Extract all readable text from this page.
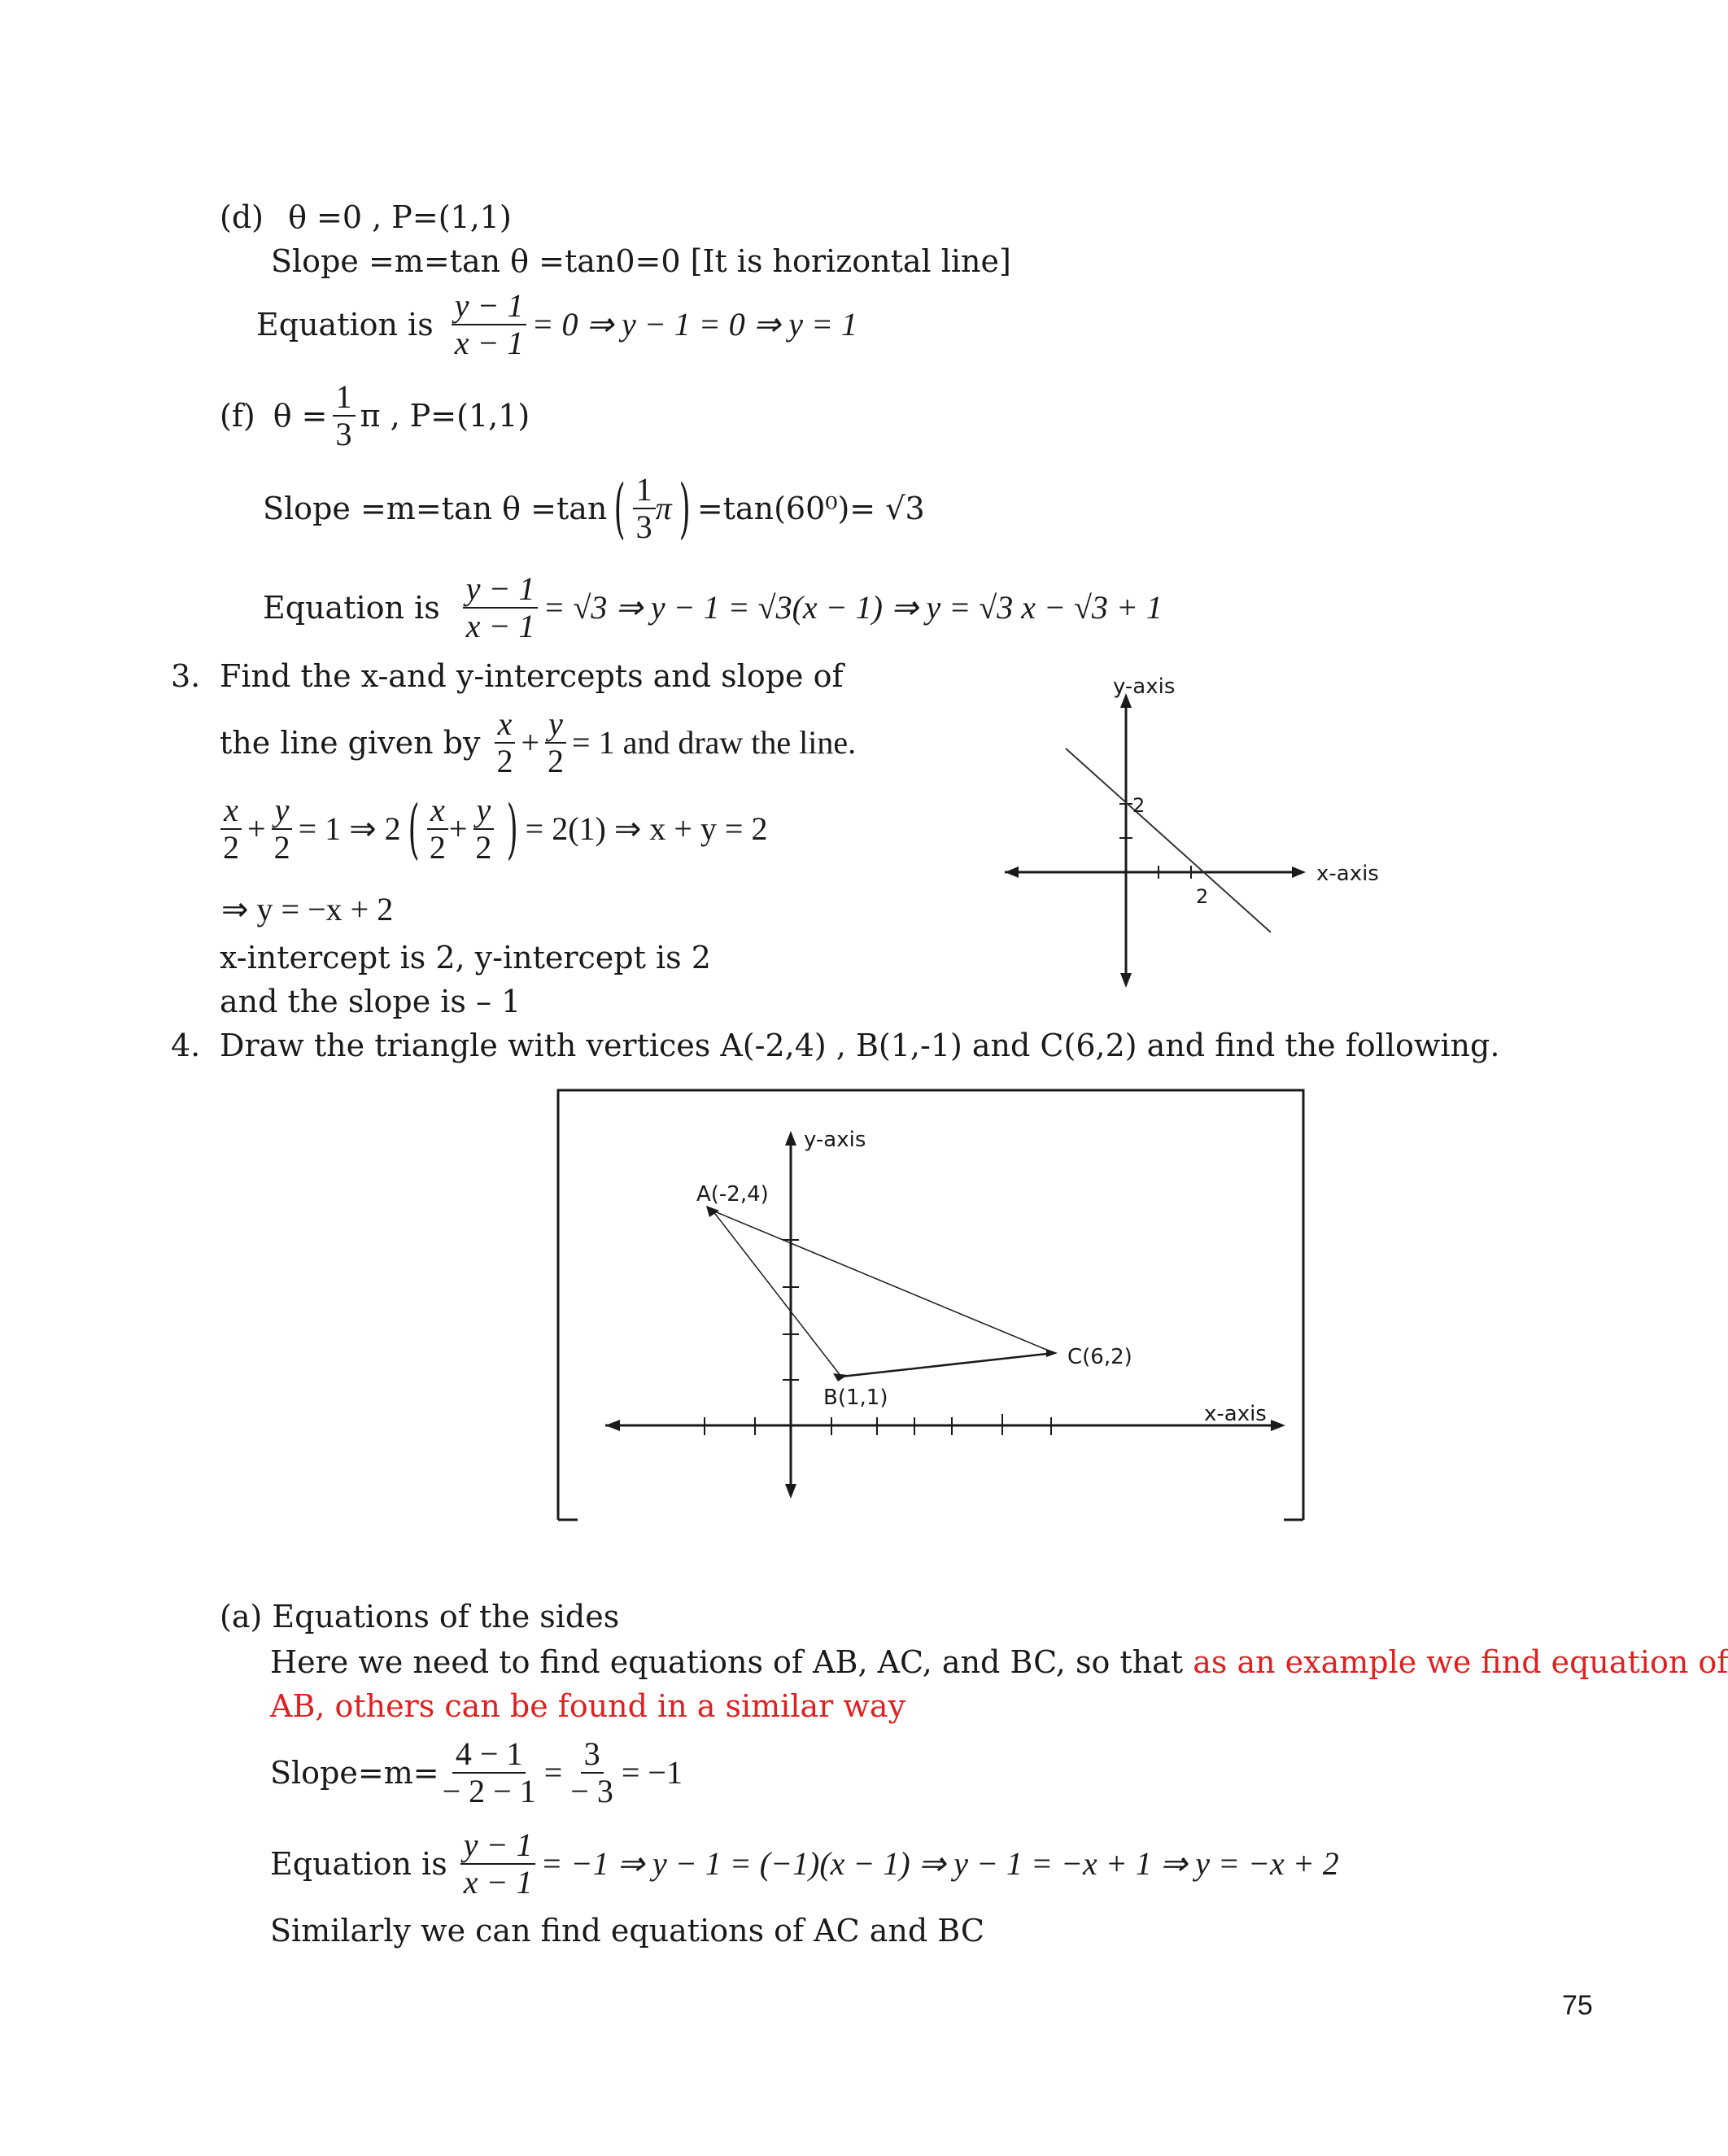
(d) θ =0 , P=(1,1)
Slope =m=tan θ =tan0=0 [It is horizontal line]
Equation is $\frac{y - 1}{x - 1} = 0$ ⇒ y − 1 = 0 ⇒ y = 1
(f) $\theta = \frac{1}{3}$ π , P=(1,1)
Slope =m=tan θ =tan ( $\frac{1}{3}$ π ) =tan(60⁰)= √3
Equation is $\frac{y - 1}{x - 1} = √3$ ⇒ y − 1 = √3(x − 1) ⇒ y = √3 x − √3 + 1
3. Find the x-and y-intercepts and slope of
the line given by $\frac{x}{2} + \frac{y}{2} = 1$ and draw the line.
$\frac{x}{2} + \frac{y}{2} = 1$ ⇒ 2 ( $\frac{x}{2} + \frac{y}{2}$ ) = 2(1) ⇒ x + y = 2
⇒ y = −x + 2
x-intercept is 2, y-intercept is 2
and the slope is – 1
y-axis
x-axis
2
2
4. Draw the triangle with vertices A(-2,4) , B(1,-1) and C(6,2) and find the following.
y-axis
x-axis
A(-2,4)
B(1,1)
C(6,2)
(a) Equations of the sides
Here we need to find equations of AB, AC, and BC, so that as an example we find equation of
AB, others can be found in a similar way
Slope=m= $\frac{4 - 1}{- 2 - 1} = \frac{3}{- 3} = -1$
Equation is $\frac{y - 1}{x - 1} = -1$ ⇒ y − 1 = (−1)(x − 1) ⇒ y − 1 = −x + 1 ⇒ y = −x + 2
Similarly we can find equations of AC and BC
75
